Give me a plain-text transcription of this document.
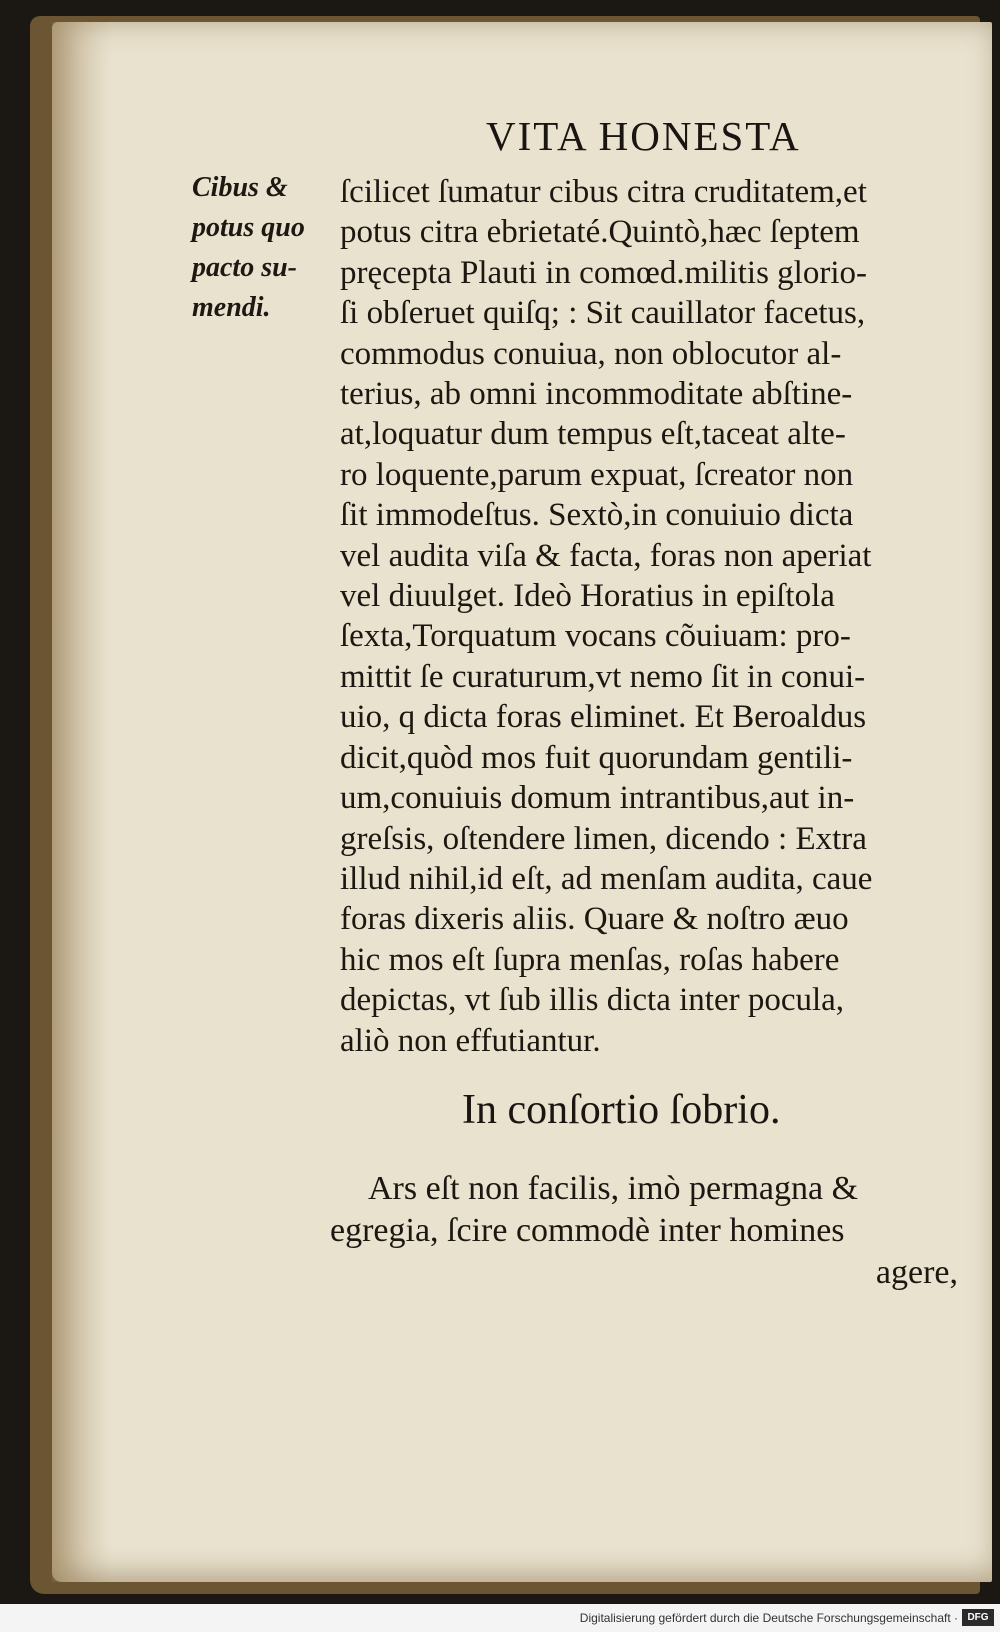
VITA HONESTA
Cibus &
potus quo
pacto su-
mendi.
ſcilicet ſumatur cibus citra cruditatem,et
potus citra ebrietaté.Quintò,hæc ſeptem
pręcepta Plauti in comœd.militis glorio-
ſi obſeruet quiſq; : Sit cauillator facetus,
commodus conuiua, non oblocutor al-
terius, ab omni incommoditate abſtine-
at,loquatur dum tempus eſt,taceat alte-
ro loquente,parum expuat, ſcreator non
ſit immodeſtus. Sextò,in conuiuio dicta
vel audita viſa & facta, foras non aperiat
vel diuulget. Ideò Horatius in epiſtola
ſexta,Torquatum vocans cõuiuam: pro-
mittit ſe curaturum,vt nemo ſit in conui-
uio, q dicta foras eliminet. Et Beroaldus
dicit,quòd mos fuit quorundam gentili-
um,conuiuis domum intrantibus,aut in-
greſsis, oſtendere limen, dicendo : Extra
illud nihil,id eſt, ad menſam audita, caue
foras dixeris aliis. Quare & noſtro æuo
hic mos eſt ſupra menſas, roſas habere
depictas, vt ſub illis dicta inter pocula,
aliò non effutiantur.
In conſortio ſobrio.
Ars eſt non facilis, imò permagna &
egregia, ſcire commodè inter homines
agere,
Digitalisierung gefördert durch die Deutsche Forschungsgemeinschaft · DFG
